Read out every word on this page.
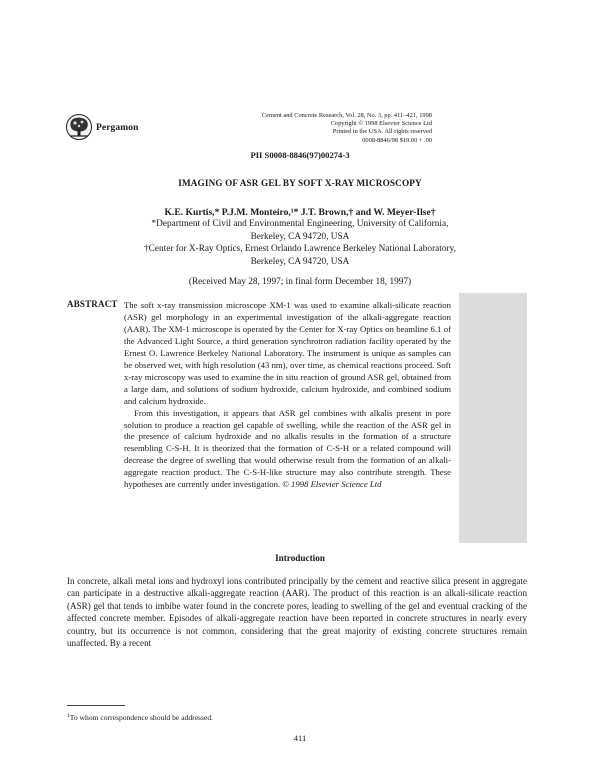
Pergamon
Cement and Concrete Research, Vol. 28, No. 3, pp. 411–421, 1998
Copyright © 1998 Elsevier Science Ltd
Printed in the USA. All rights reserved
0008-8846/98 $19.00 + .00
PII S0008-8846(97)00274-3
IMAGING OF ASR GEL BY SOFT X-RAY MICROSCOPY
K.E. Kurtis,* P.J.M. Monteiro,¹* J.T. Brown,† and W. Meyer-Ilse†
*Department of Civil and Environmental Engineering, University of California,
Berkeley, CA 94720, USA
†Center for X-Ray Optics, Ernest Orlando Lawrence Berkeley National Laboratory,
Berkeley, CA 94720, USA
(Received May 28, 1997; in final form December 18, 1997)
ABSTRACT The soft x-ray transmission microscope XM-1 was used to examine alkali-silicate reaction (ASR) gel morphology in an experimental investigation of the alkali-aggregate reaction (AAR). The XM-1 microscope is operated by the Center for X-ray Optics on beamline 6.1 of the Advanced Light Source, a third generation synchrotron radiation facility operated by the Ernest O. Lawrence Berkeley National Laboratory. The instrument is unique as samples can be observed wet, with high resolution (43 nm), over time, as chemical reactions proceed. Soft x-ray microscopy was used to examine the in situ reaction of ground ASR gel, obtained from a large dam, and solutions of sodium hydroxide, calcium hydroxide, and combined sodium and calcium hydroxide.

From this investigation, it appears that ASR gel combines with alkalis present in pore solution to produce a reaction gel capable of swelling, while the reaction of the ASR gel in the presence of calcium hydroxide and no alkalis results in the formation of a structure resembling C-S-H. It is theorized that the formation of C-S-H or a related compound will decrease the degree of swelling that would otherwise result from the formation of an alkali-aggregate reaction product. The C-S-H-like structure may also contribute strength. These hypotheses are currently under investigation. © 1998 Elsevier Science Ltd

Introduction

In concrete, alkali metal ions and hydroxyl ions contributed principally by the cement and reactive silica present in aggregate can participate in a destructive alkali-aggregate reaction (AAR). The product of this reaction is an alkali-silicate reaction (ASR) gel that tends to imbibe water found in the concrete pores, leading to swelling of the gel and eventual cracking of the affected concrete member. Episodes of alkali-aggregate reaction have been reported in concrete structures in nearly every country, but its occurrence is not common, considering that the great majority of existing concrete structures remain unaffected. By a recent

$^1$To whom correspondence should be addressed.
411
